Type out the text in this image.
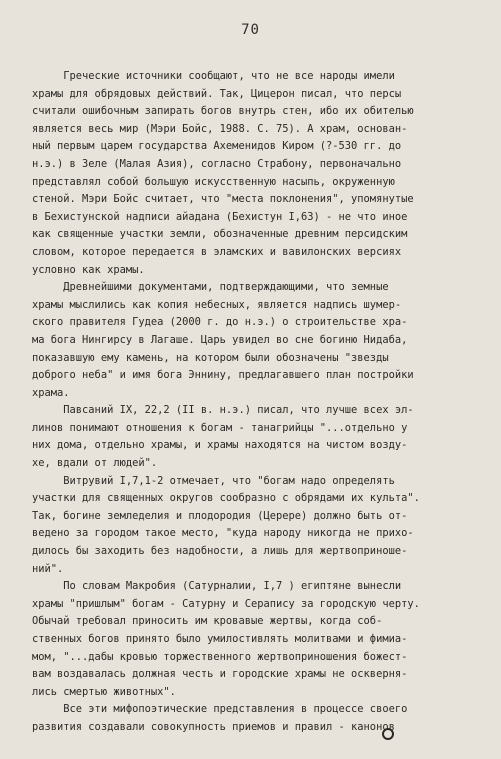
70
Греческие источники сообщают, что не все народы имели
храмы для обрядовых действий. Так, Цицерон писал, что персы
считали ошибочным запирать богов внутрь стен, ибо их обителью
является весь мир (Мэри Бойс, 1988. С. 75). А храм, основан-
ный первым царем государства Ахеменидов Киром (?-530 гг. до
н.э.) в Зеле (Малая Азия), согласно Страбону, первоначально
представлял собой большую искусственную насыпь, окруженную
стеной. Мэри Бойс считает, что "места поклонения", упомянутые
в Бехистунской надписи айадана (Бехистун I,63) - не что иное
как священные участки земли, обозначенные древним персидским
словом, которое передается в эламских и вавилонских версиях
условно как храмы.
Древнейшими документами, подтверждающими, что земные
храмы мыслились как копия небесных, является надпись шумер-
ского правителя Гудеа (2000 г. до н.э.) о строительстве хра-
ма бога Нингирсу в Лагаше. Царь увидел во сне богиню Нидаба,
показавшую ему камень, на котором были обозначены "звезды
доброго неба" и имя бога Эннину, предлагавшего план постройки
храма.
Павсаний IX, 22,2 (II в. н.э.) писал, что лучше всех эл-
линов понимают отношения к богам - танагрийцы "...отдельно у
них дома, отдельно храмы, и храмы находятся на чистом возду-
хе, вдали от людей".
Витрувий I,7,1-2 отмечает, что "богам надо определять
участки для священных округов сообразно с обрядами их культа".
Так, богине земледелия и плодородия (Церере) должно быть от-
ведено за городом такое место, "куда народу никогда не прихо-
дилось бы заходить без надобности, а лишь для жертвоприноше-
ний".
По словам Макробия (Сатурналии, I,7 ) египтяне вынесли
храмы "пришлым" богам - Сатурну и Серапису за городскую черту.
Обычай требовал приносить им кровавые жертвы, когда соб-
ственных богов принято было умилостивлять молитвами и фимиа-
мом, "...дабы кровью торжественного жертвоприношения божест-
вам воздавалась должная честь и городские храмы не оскверня-
лись смертью животных".
Все эти мифопоэтические представления в процессе своего
развития создавали совокупность приемов и правил - канонов
